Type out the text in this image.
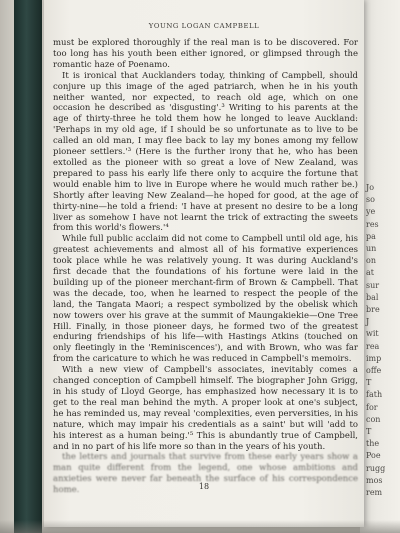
Jo
so
ye
res
pa
un
on
at
sur
bal
bre
J
wit
rea
imp
offe
T
fath
for
con
T
the
Poe
rugg
mos
rem
YOUNG LOGAN CAMPBELL

must be explored thoroughly if the real man is to be discovered. For too long has his youth been either ignored, or glimpsed through the romantic haze of Poenamo.

It is ironical that Aucklanders today, thinking of Campbell, should conjure up this image of the aged patriarch, when he in his youth neither wanted, nor expected, to reach old age, which on one occasion he described as 'disgusting'.³ Writing to his parents at the age of thirty-three he told them how he longed to leave Auckland: 'Perhaps in my old age, if I should be so unfortunate as to live to be called an old man, I may flee back to lay my bones among my fellow pioneer settlers.'³ (Here is the further irony that he, who has been extolled as the pioneer with so great a love of New Zealand, was prepared to pass his early life there only to acquire the fortune that would enable him to live in Europe where he would much rather be.) Shortly after leaving New Zealand—he hoped for good, at the age of thirty-nine—he told a friend: 'I have at present no desire to be a long liver as somehow I have not learnt the trick of extracting the sweets from this world's flowers.'⁴

While full public acclaim did not come to Campbell until old age, his greatest achievements and almost all of his formative experiences took place while he was relatively young. It was during Auckland's first decade that the foundations of his fortune were laid in the building up of the pioneer merchant-firm of Brown & Campbell. That was the decade, too, when he learned to respect the people of the land, the Tangata Maori; a respect symbolized by the obelisk which now towers over his grave at the summit of Maungakiekie—One Tree Hill. Finally, in those pioneer days, he formed two of the greatest enduring friendships of his life—with Hastings Atkins (touched on only fleetingly in the 'Reminiscences'), and with Brown, who was far from the caricature to which he was reduced in Campbell's memoirs.

With a new view of Campbell's associates, inevitably comes a changed conception of Campbell himself. The biographer John Grigg, in his study of Lloyd George, has emphasized how necessary it is to get to the real man behind the myth. A proper look at one's subject, he has reminded us, may reveal 'complexities, even perversities, in his nature, which may impair his credentials as a saint' but will 'add to his interest as a human being.'⁵ This is abundantly true of Campbell, and in no part of his life more so than in the years of his youth.

the letters and journals that survive from these early years show a man quite different from the legend, one whose ambitions and anxieties were never far beneath the surface of his correspondence home.	18
